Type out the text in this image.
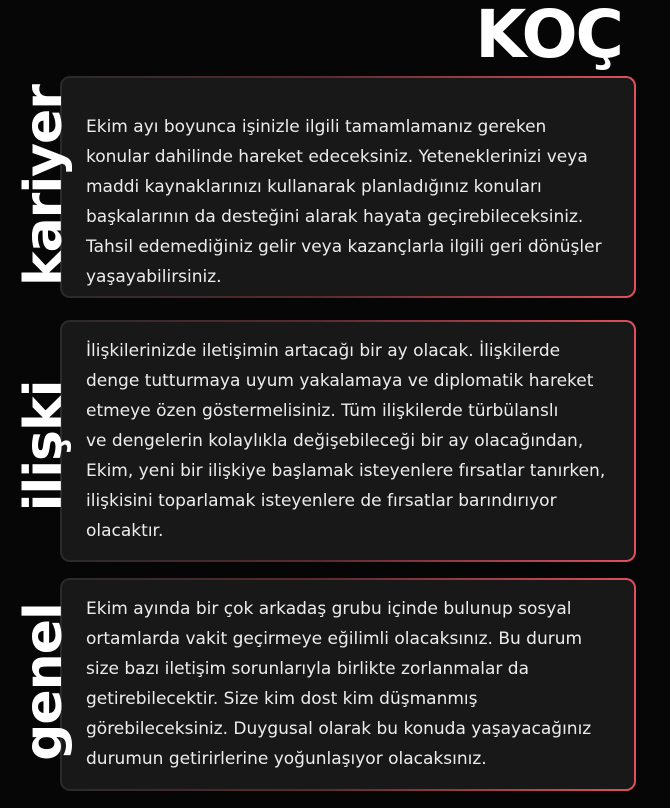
KOÇ
Ekim ayı boyunca işinizle ilgili tamamlamanız gereken
konular dahilinde hareket edeceksiniz. Yeteneklerinizi veya
maddi kaynaklarınızı kullanarak planladığınız konuları
başkalarının da desteğini alarak hayata geçirebileceksiniz.
Tahsil edemediğiniz gelir veya kazançlarla ilgili geri dönüşler
yaşayabilirsiniz.
kariyer
İlişkilerinizde iletişimin artacağı bir ay olacak. İlişkilerde
denge tutturmaya uyum yakalamaya ve diplomatik hareket
etmeye özen göstermelisiniz. Tüm ilişkilerde türbülanslı
ve dengelerin kolaylıkla değişebileceği bir ay olacağından,
Ekim, yeni bir ilişkiye başlamak isteyenlere fırsatlar tanırken,
ilişkisini toparlamak isteyenlere de fırsatlar barındırıyor
olacaktır.
ilişki
Ekim ayında bir çok arkadaş grubu içinde bulunup sosyal
ortamlarda vakit geçirmeye eğilimli olacaksınız. Bu durum
size bazı iletişim sorunlarıyla birlikte zorlanmalar da
getirebilecektir. Size kim dost kim düşmanmış
görebileceksiniz. Duygusal olarak bu konuda yaşayacağınız
durumun getirirlerine yoğunlaşıyor olacaksınız.
genel
